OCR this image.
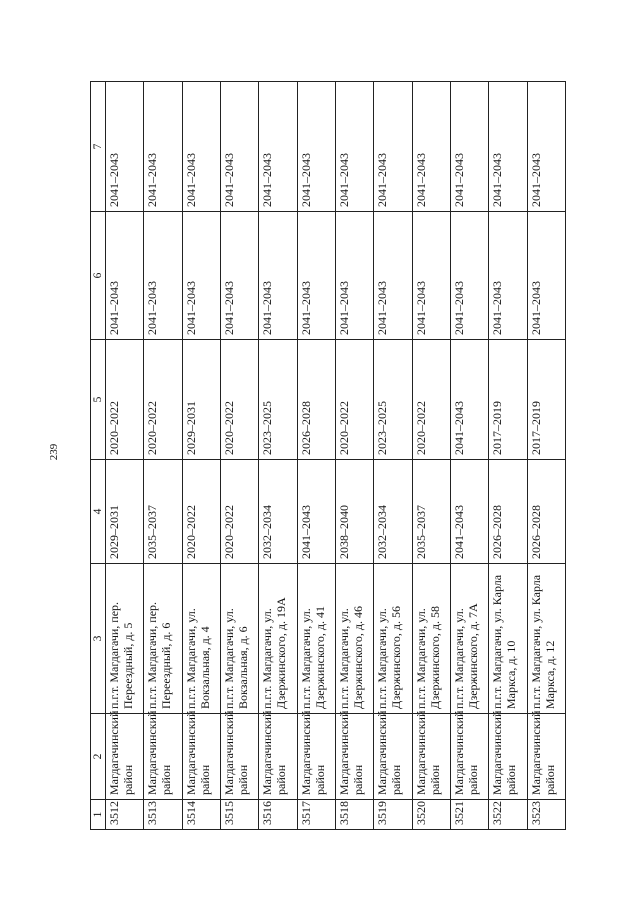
239
1	2	3	4	5	6	7
3512	Магдагачинский район	п.г.т. Магдагачи, пер. Переездный, д. 5	2029–2031	2020–2022	2041–2043	2041–2043
3513	Магдагачинский район	п.г.т. Магдагачи, пер. Переездный, д. 6	2035–2037	2020–2022	2041–2043	2041–2043
3514	Магдагачинский район	п.г.т. Магдагачи, ул. Вокзальная, д. 4	2020–2022	2029–2031	2041–2043	2041–2043
3515	Магдагачинский район	п.г.т. Магдагачи, ул. Вокзальная, д. 6	2020–2022	2020–2022	2041–2043	2041–2043
3516	Магдагачинский район	п.г.т. Магдагачи, ул. Дзержинского, д. 19А	2032–2034	2023–2025	2041–2043	2041–2043
3517	Магдагачинский район	п.г.т. Магдагачи, ул. Дзержинского, д. 41	2041–2043	2026–2028	2041–2043	2041–2043
3518	Магдагачинский район	п.г.т. Магдагачи, ул. Дзержинского, д. 46	2038–2040	2020–2022	2041–2043	2041–2043
3519	Магдагачинский район	п.г.т. Магдагачи, ул. Дзержинского, д. 56	2032–2034	2023–2025	2041–2043	2041–2043
3520	Магдагачинский район	п.г.т. Магдагачи, ул. Дзержинского, д. 58	2035–2037	2020–2022	2041–2043	2041–2043
3521	Магдагачинский район	п.г.т. Магдагачи, ул. Дзержинского, д. 7А	2041–2043	2041–2043	2041–2043	2041–2043
3522	Магдагачинский район	п.г.т. Магдагачи, ул. Карла Маркса, д. 10	2026–2028	2017–2019	2041–2043	2041–2043
3523	Магдагачинский район	п.г.т. Магдагачи, ул. Карла Маркса, д. 12	2026–2028	2017–2019	2041–2043	2041–2043
